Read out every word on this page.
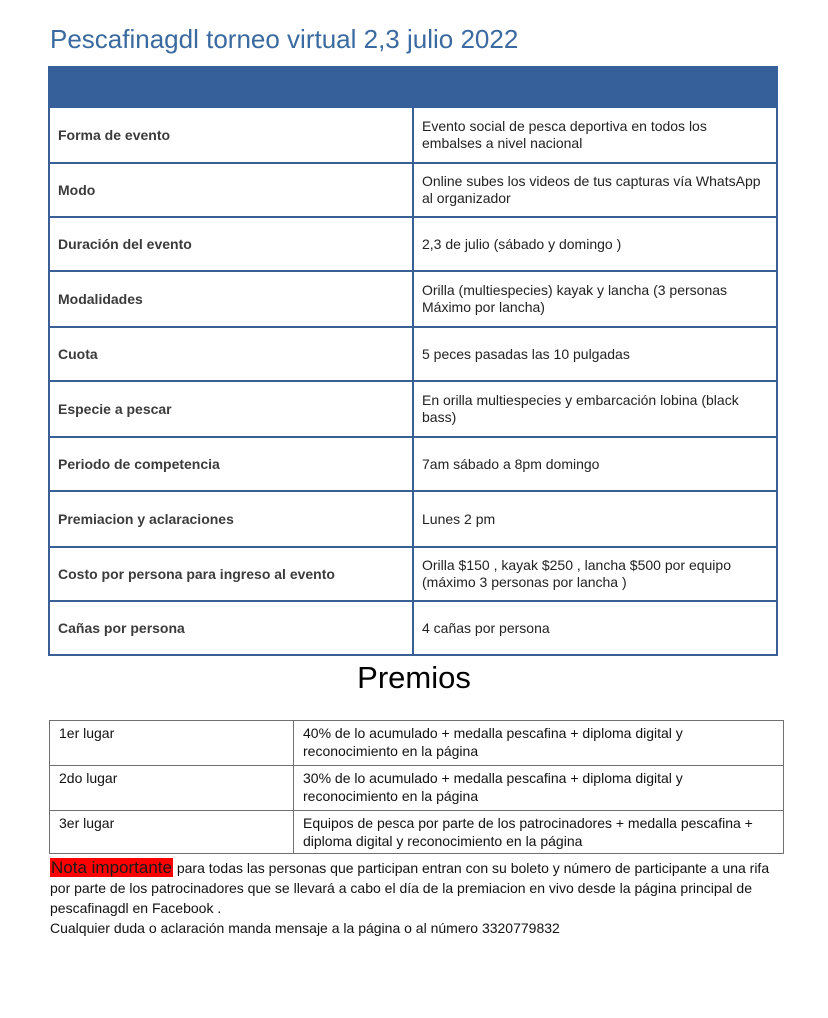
Pescafinagdl torneo virtual 2,3 julio 2022

Forma de evento	Evento social de pesca deportiva en todos los embalses a nivel nacional
Modo	Online subes los videos de tus capturas vía WhatsApp al organizador
Duración del evento	2,3 de julio (sábado y domingo )
Modalidades	Orilla (multiespecies) kayak y lancha (3 personas Máximo por lancha)
Cuota	5 peces pasadas las 10 pulgadas
Especie a pescar	En orilla multiespecies y embarcación lobina (black bass)
Periodo de competencia	7am sábado a 8pm domingo
Premiacion y aclaraciones	Lunes 2 pm
Costo por persona para ingreso al evento	Orilla $150 , kayak $250 , lancha $500 por equipo (máximo 3 personas por lancha )
Cañas por persona	4 cañas por persona
Premios
1er lugar	40% de lo acumulado + medalla pescafina + diploma digital y reconocimiento en la página
2do lugar	30% de lo acumulado + medalla pescafina + diploma digital y reconocimiento en la página
3er lugar	Equipos de pesca por parte de los patrocinadores + medalla pescafina + diploma digital y reconocimiento en la página
Nota importante para todas las personas que participan entran con su boleto y número de participante a una rifa por parte de los patrocinadores que se llevará a cabo el día de la premiacion en vivo desde la página principal de pescafinagdl en Facebook .
Cualquier duda o aclaración manda mensaje a la página o al número 3320779832
